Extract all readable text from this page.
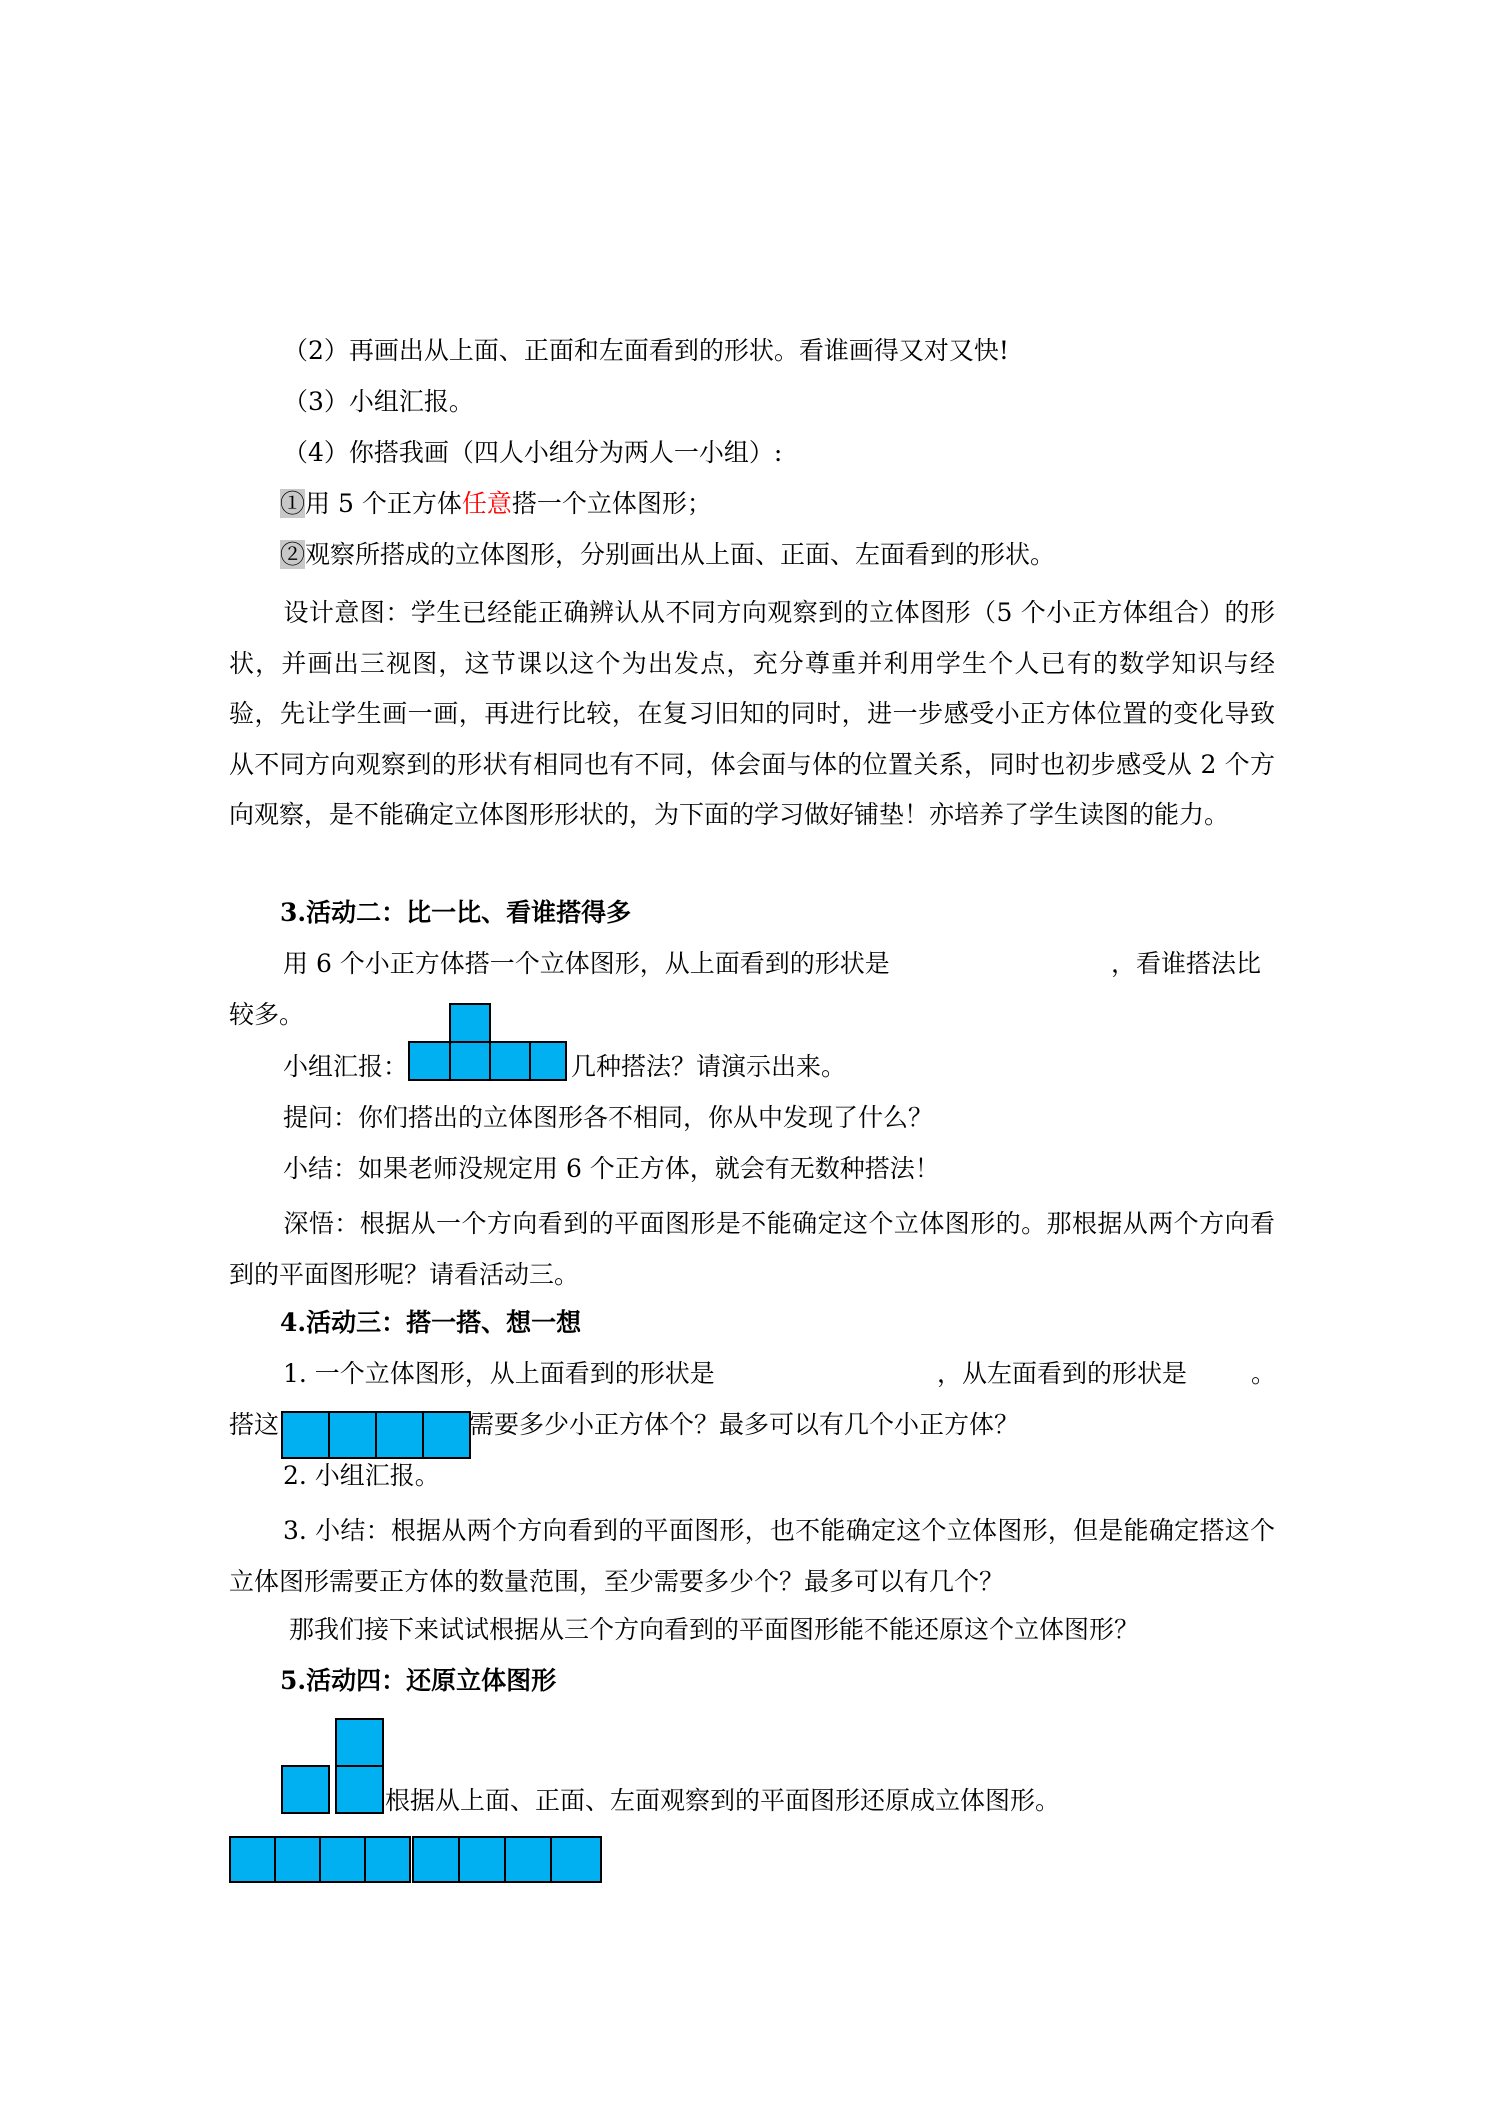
（2）再画出从上面、正面和左面看到的形状。看谁画得又对又快!
（3）小组汇报。
（4）你搭我画（四人小组分为两人一小组）:
①用 5 个正方体任意搭一个立体图形；
②观察所搭成的立体图形，分别画出从上面、正面、左面看到的形状。
设计意图：学生已经能正确辨认从不同方向观察到的立体图形（5 个小正方体组合）的形状，并画出三视图，这节课以这个为出发点，充分尊重并利用学生个人已有的数学知识与经验，先让学生画一画，再进行比较，在复习旧知的同时，进一步感受小正方体位置的变化导致从不同方向观察到的形状有相同也有不同，体会面与体的位置关系，同时也初步感受从 2 个方向观察，是不能确定立体图形形状的，为下面的学习做好铺垫！亦培养了学生读图的能力。
3.活动二：比一比、看谁搭得多
用 6 个小正方体搭一个立体图形，从上面看到的形状是	，看谁搭法比
较多。
小组汇报：	几种搭法？请演示出来。
提问：你们搭出的立体图形各不相同，你从中发现了什么？
小结：如果老师没规定用 6 个正方体，就会有无数种搭法！
深悟：根据从一个方向看到的平面图形是不能确定这个立体图形的。那根据从两个方向看到的平面图形呢？请看活动三。
4.活动三：搭一搭、想一想
1. 一个立体图形，从上面看到的形状是	，从左面看到的形状是	。
搭这	需要多少小正方体个？最多可以有几个小正方体？
2. 小组汇报。
3. 小结：根据从两个方向看到的平面图形，也不能确定这个立体图形，但是能确定搭这个立体图形需要正方体的数量范围，至少需要多少个？最多可以有几个？
那我们接下来试试根据从三个方向看到的平面图形能不能还原这个立体图形？
5.活动四：还原立体图形
根据从上面、正面、左面观察到的平面图形还原成立体图形。
